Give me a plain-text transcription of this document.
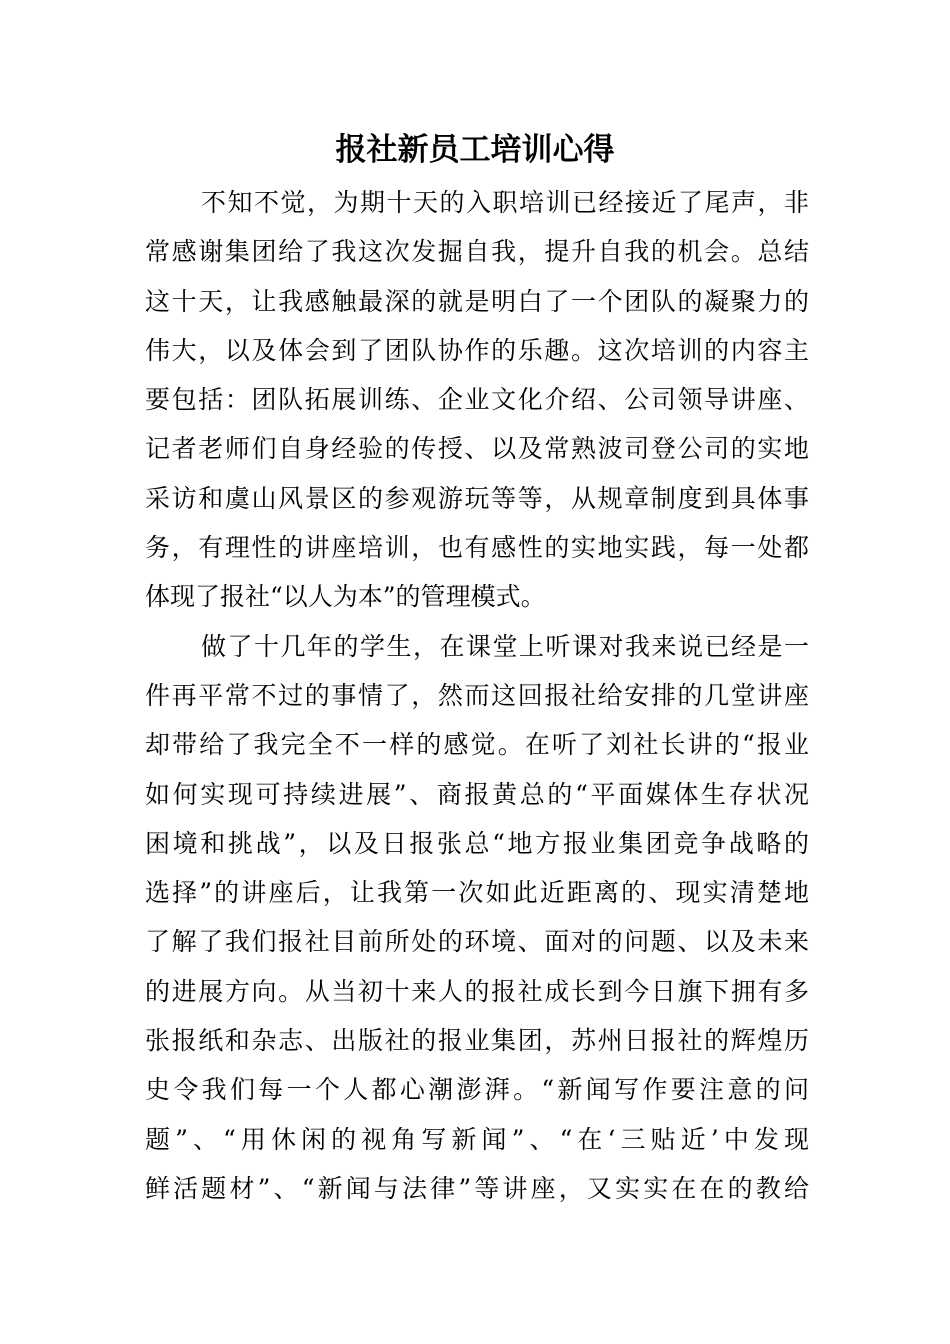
报社新员工培训心得
不知不觉，为期十天的入职培训已经接近了尾声，非
常感谢集团给了我这次发掘自我，提升自我的机会。总结
这十天，让我感触最深的就是明白了一个团队的凝聚力的
伟大，以及体会到了团队协作的乐趣。这次培训的内容主
要包括：团队拓展训练、企业文化介绍、公司领导讲座、
记者老师们自身经验的传授、以及常熟波司登公司的实地
采访和虞山风景区的参观游玩等等，从规章制度到具体事
务，有理性的讲座培训，也有感性的实地实践，每一处都
体现了报社“以人为本”的管理模式。
做了十几年的学生，在课堂上听课对我来说已经是一
件再平常不过的事情了，然而这回报社给安排的几堂讲座
却带给了我完全不一样的感觉。在听了刘社长讲的“报业
如何实现可持续进展”、商报黄总的“平面媒体生存状况
困境和挑战”，以及日报张总“地方报业集团竞争战略的
选择”的讲座后，让我第一次如此近距离的、现实清楚地
了解了我们报社目前所处的环境、面对的问题、以及未来
的进展方向。从当初十来人的报社成长到今日旗下拥有多
张报纸和杂志、出版社的报业集团，苏州日报社的辉煌历
史令我们每一个人都心潮澎湃。“新闻写作要注意的问
题”、“用休闲的视角写新闻”、“在‘三贴近’中发现
鲜活题材”、“新闻与法律”等讲座，又实实在在的教给
